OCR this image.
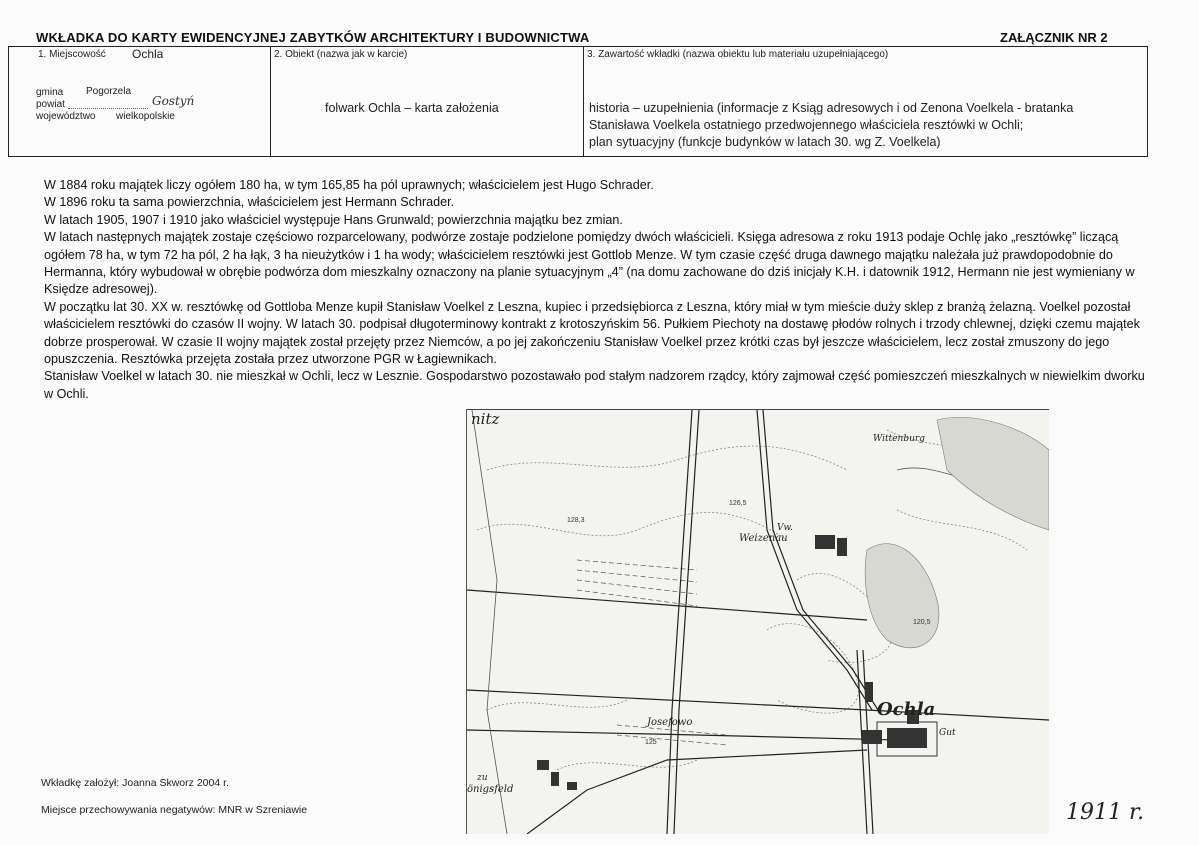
WKŁADKA DO KARTY EWIDENCYJNEJ ZABYTKÓW ARCHITEKTURY I BUDOWNICTWA	ZAŁĄCZNIK NR 2
1. Miejscowość Ochla
gmina Pogorzela
powiat	Gostyń
województwo wielkopolskie
2. Obiekt (nazwa jak w karcie)
folwark Ochla – karta założenia
3. Zawartość wkładki (nazwa obiektu lub materiału uzupełniającego)
historia – uzupełnienia (informacje z Ksiąg adresowych i od Zenona Voelkela - bratanka
Stanisława Voelkela ostatniego przedwojennego właściciela resztówki w Ochli;
plan sytuacyjny (funkcje budynków w latach 30. wg Z. Voelkela)

W 1884 roku majątek liczy ogółem 180 ha, w tym 165,85 ha pól uprawnych; właścicielem jest Hugo Schrader.

W 1896 roku ta sama powierzchnia, właścicielem jest Hermann Schrader.

W latach 1905, 1907 i 1910 jako właściciel występuje Hans Grunwald; powierzchnia majątku bez zmian.

W latach następnych majątek zostaje częściowo rozparcelowany, podwórze zostaje podzielone pomiędzy dwóch właścicieli. Księga adresowa z roku 1913 podaje Ochlę jako „resztówkę” liczącą ogółem 78 ha, w tym 72 ha pól, 2 ha łąk, 3 ha nieużytków i 1 ha wody; właścicielem resztówki jest Gottlob Menze. W tym czasie część druga dawnego majątku należała już prawdopodobnie do Hermanna, który wybudował w obrębie podwórza dom mieszkalny oznaczony na planie sytuacyjnym „4” (na domu zachowane do dziś inicjały K.H. i datownik 1912, Hermann nie jest wymieniany w Księdze adresowej).

W początku lat 30. XX w. resztówkę od Gottloba Menze kupił Stanisław Voelkel z Leszna, kupiec i przedsiębiorca z Leszna, który miał w tym mieście duży sklep z branżą żelazną. Voelkel pozostał właścicielem resztówki do czasów II wojny. W latach 30. podpisał długoterminowy kontrakt z krotoszyńskim 56. Pułkiem Piechoty na dostawę płodów rolnych i trzody chlewnej, dzięki czemu majątek dobrze prosperował. W czasie II wojny majątek został przejęty przez Niemców, a po jej zakończeniu Stanisław Voelkel przez krótki czas był jeszcze właścicielem, lecz został zmuszony do jego opuszczenia. Resztówka przejęta została przez utworzone PGR w Łagiewnikach.

Stanisław Voelkel w latach 30. nie mieszkał w Ochli, lecz w Lesznie. Gospodarstwo pozostawało pod stałym nadzorem rządcy, który zajmował część pomieszczeń mieszkalnych w niewielkim dworku w Ochli.

nitz
Wittenburg
Vw.
Weizenau
Ochla
Gut
Josefowo
zu
önigsfeld
126,5
128,3
120,5
125
1911 r.
Wkładkę założył: Joanna Skworz 2004 r.
Miejsce przechowywania negatywów: MNR w Szreniawie
